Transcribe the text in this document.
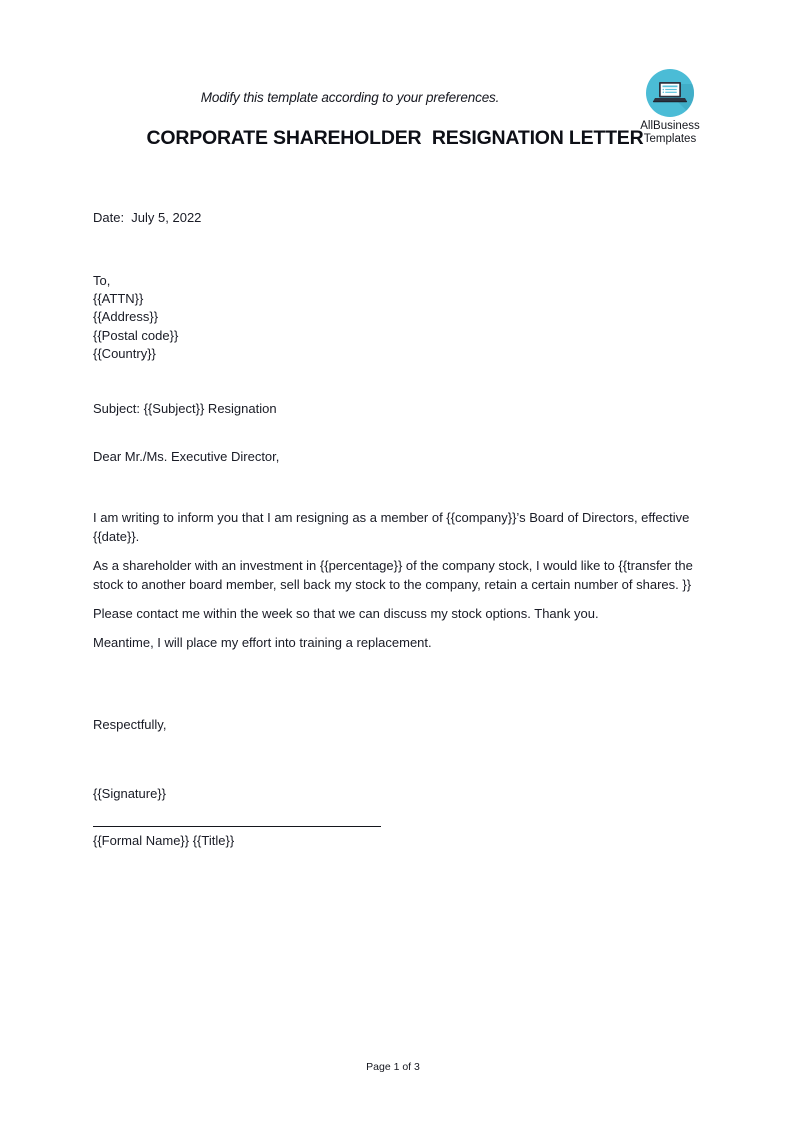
Modify this template according to your preferences.
CORPORATE SHAREHOLDER  RESIGNATION LETTER
AllBusiness
Templates
Date:  July 5, 2022
To,
{{ATTN}}
{{Address}}
{{Postal code}}
{{Country}}
Subject: {{Subject}} Resignation
Dear Mr./Ms. Executive Director,

I am writing to inform you that I am resigning as a member of {{company}}’s Board of Directors, effective {{date}}.

As a shareholder with an investment in {{percentage}} of the company stock, I would like to {{transfer the stock to another board member, sell back my stock to the company, retain a certain number of shares. }}

Please contact me within the week so that we can discuss my stock options. Thank you.

Meantime, I will place my effort into training a replacement.

Respectfully,
{{Signature}}
{{Formal Name}} {{Title}}
Page 1 of 3
